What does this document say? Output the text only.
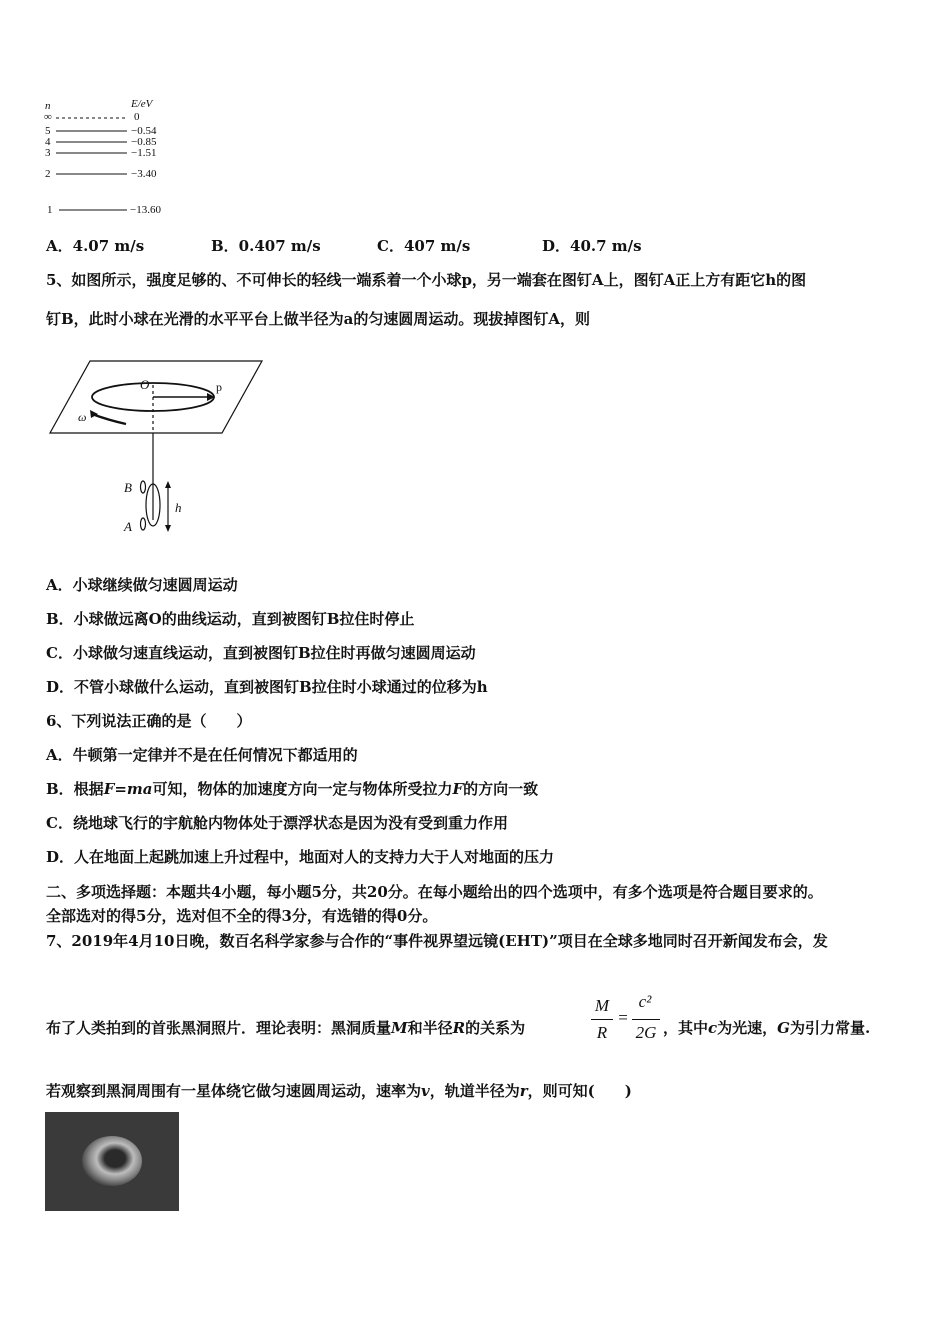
n	E/eV
∞	0
5	−0.54
4	−0.85
3	−1.51
2	−3.40
1	−13.60
A．4.07 m/s	B．0.407 m/s	C．407 m/s	D．40.7 m/s
5、如图所示，强度足够的、不可伸长的轻线一端系着一个小球p，另一端套在图钉A上，图钉A正上方有距它h的图
钉B，此时小球在光滑的水平平台上做半径为a的匀速圆周运动。现拔掉图钉A，则
O	p
ω
B
A
h
A．小球继续做匀速圆周运动
B．小球做远离O的曲线运动，直到被图钉B拉住时停止
C．小球做匀速直线运动，直到被图钉B拉住时再做匀速圆周运动
D．不管小球做什么运动，直到被图钉B拉住时小球通过的位移为h
6、下列说法正确的是（　　）
A．牛顿第一定律并不是在任何情况下都适用的
B．根据F=ma可知，物体的加速度方向一定与物体所受拉力F的方向一致
C．绕地球飞行的宇航舱内物体处于漂浮状态是因为没有受到重力作用
D．人在地面上起跳加速上升过程中，地面对人的支持力大于人对地面的压力
二、多项选择题：本题共4小题，每小题5分，共20分。在每小题给出的四个选项中，有多个选项是符合题目要求的。
全部选对的得5分，选对但不全的得3分，有选错的得0分。
7、2019年4月10日晚，数百名科学家参与合作的“事件视界望远镜(EHT)”项目在全球多地同时召开新闻发布会，发
布了人类拍到的首张黑洞照片．理论表明：黑洞质量M和半径R的关系为
M
R
=
c²
2G ，其中c为光速，G为引力常量.
若观察到黑洞周围有一星体绕它做匀速圆周运动，速率为v，轨道半径为r，则可知(　　)
